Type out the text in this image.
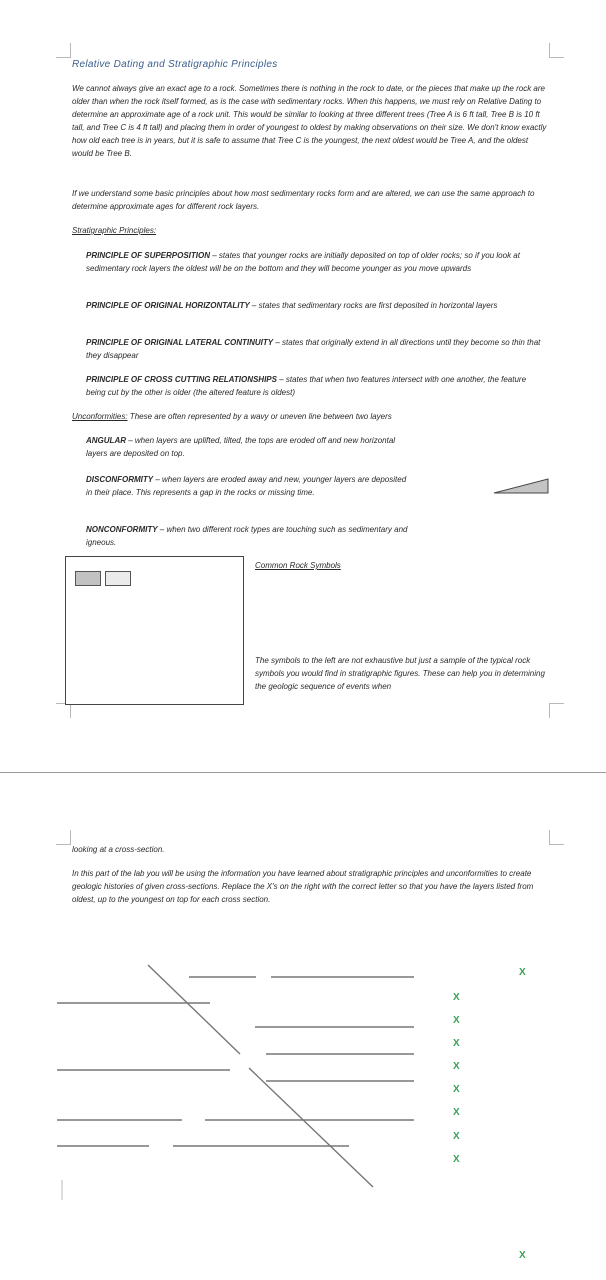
Relative Dating and Stratigraphic Principles

We cannot always give an exact age to a rock. Sometimes there is nothing in the rock to date, or the pieces that make up the rock are older than when the rock itself formed, as is the case with sedimentary rocks. When this happens, we must rely on Relative Dating to determine an approximate age of a rock unit. This would be similar to looking at three different trees (Tree A is 6 ft tall, Tree B is 10 ft tall, and Tree C is 4 ft tall) and placing them in order of youngest to oldest by making observations on their size. We don't know exactly how old each tree is in years, but it is safe to assume that Tree C is the youngest, the next oldest would be Tree A, and the oldest would be Tree B.

If we understand some basic principles about how most sedimentary rocks form and are altered, we can use the same approach to determine approximate ages for different rock layers.

Stratigraphic Principles:

PRINCIPLE OF SUPERPOSITION – states that younger rocks are initially deposited on top of older rocks; so if you look at sedimentary rock layers the oldest will be on the bottom and they will become younger as you move upwards

PRINCIPLE OF ORIGINAL HORIZONTALITY – states that sedimentary rocks are first deposited in horizontal layers

PRINCIPLE OF ORIGINAL LATERAL CONTINUITY – states that originally extend in all directions until they become so thin that they disappear

PRINCIPLE OF CROSS CUTTING RELATIONSHIPS – states that when two features intersect with one another, the feature being cut by the other is older (the altered feature is oldest)

Unconformities: These are often represented by a wavy or uneven line between two layers

ANGULAR – when layers are uplifted, tilted, the tops are eroded off and new horizontal layers are deposited on top.

DISCONFORMITY – when layers are eroded away and new, younger layers are deposited in their place. This represents a gap in the rocks or missing time.

NONCONFORMITY – when two different rock types are touching such as sedimentary and igneous.

Common Rock Symbols

The symbols to the left are not exhaustive but just a sample of the typical rock symbols you would find in stratigraphic figures. These can help you in determining the geologic sequence of events when

looking at a cross-section.

In this part of the lab you will be using the information you have learned about stratigraphic principles and unconformities to create geologic histories of given cross-sections. Replace the X's on the right with the correct letter so that you have the layers listed from oldest, up to the youngest on top for each cross section.

X

X

X

X

X

X

X

X

X

X
